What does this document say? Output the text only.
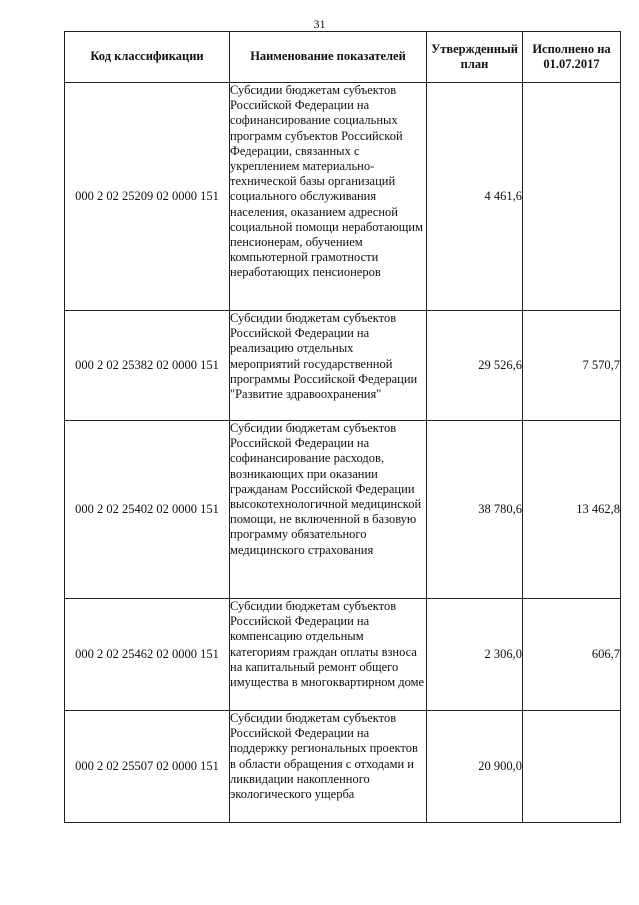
31
Код классификации	Наименование показателей	Утвержденный план	Исполнено на 01.07.2017
000 2 02 25209 02 0000 151	Субсидии бюджетам субъектов Российской Федерации на софинансирование социальных программ субъектов Российской Федерации, связанных с укреплением материально-технической базы организаций социального обслуживания населения, оказанием адресной социальной помощи неработающим пенсионерам, обучением компьютерной грамотности неработающих пенсионеров	4 461,6	
000 2 02 25382 02 0000 151	Субсидии бюджетам субъектов Российской Федерации на реализацию отдельных мероприятий государственной программы Российской Федерации "Развитие здравоохранения"	29 526,6	7 570,7
000 2 02 25402 02 0000 151	Субсидии бюджетам субъектов Российской Федерации на софинансирование расходов, возникающих при оказании гражданам Российской Федерации высокотехнологичной медицинской помощи, не включенной в базовую программу обязательного медицинского страхования	38 780,6	13 462,8
000 2 02 25462 02 0000 151	Субсидии бюджетам субъектов Российской Федерации на компенсацию отдельным категориям граждан оплаты взноса на капитальный ремонт общего имущества в многоквартирном доме	2 306,0	606,7
000 2 02 25507 02 0000 151	Субсидии бюджетам субъектов Российской Федерации на поддержку региональных проектов в области обращения с отходами и ликвидации накопленного экологического ущерба	20 900,0	
